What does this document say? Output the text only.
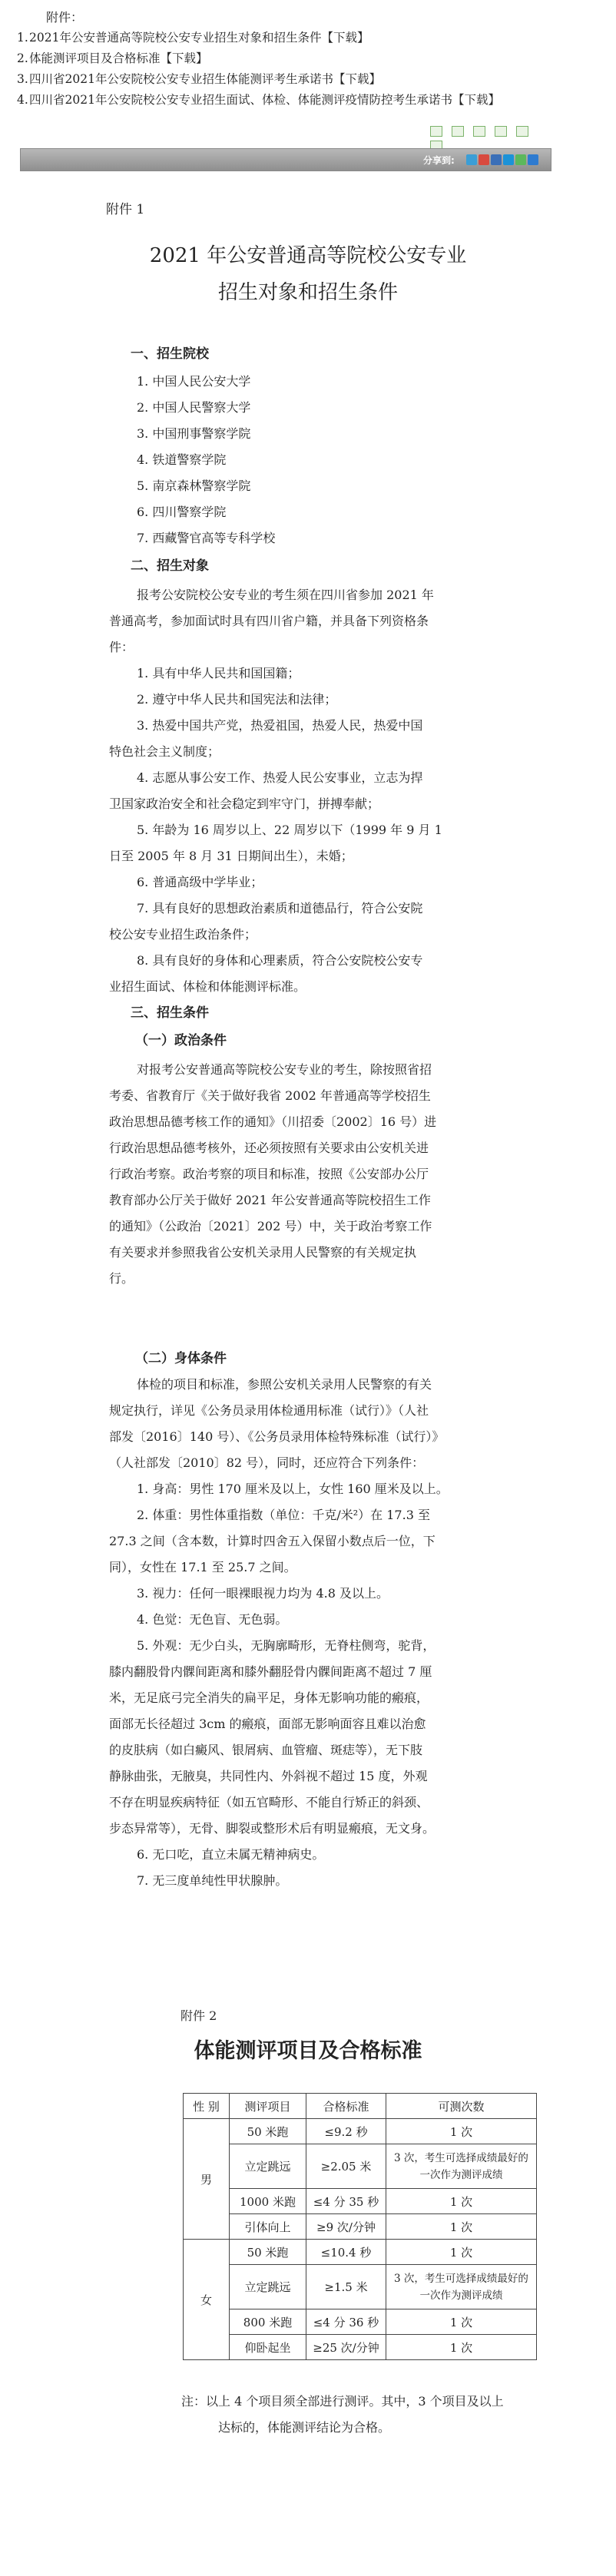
附件：
1.2021年公安普通高等院校公安专业招生对象和招生条件【下载】
2.体能测评项目及合格标准【下载】
3.四川省2021年公安院校公安专业招生体能测评考生承诺书【下载】
4.四川省2021年公安院校公安专业招生面试、体检、体能测评疫情防控考生承诺书【下载】
分享到:
附件 1
2021 年公安普通高等院校公安专业
招生对象和招生条件
一、招生院校
1. 中国人民公安大学
2. 中国人民警察大学
3. 中国刑事警察学院
4. 铁道警察学院
5. 南京森林警察学院
6. 四川警察学院
7. 西藏警官高等专科学校
二、招生对象
报考公安院校公安专业的考生须在四川省参加 2021 年
普通高考，参加面试时具有四川省户籍，并具备下列资格条
件：
1. 具有中华人民共和国国籍；
2. 遵守中华人民共和国宪法和法律；
3. 热爱中国共产党，热爱祖国，热爱人民，热爱中国
特色社会主义制度；
4. 志愿从事公安工作、热爱人民公安事业，立志为捍
卫国家政治安全和社会稳定到牢守门，拼搏奉献；
5. 年龄为 16 周岁以上、22 周岁以下（1999 年 9 月 1
日至 2005 年 8 月 31 日期间出生），未婚；
6. 普通高级中学毕业；
7. 具有良好的思想政治素质和道德品行，符合公安院
校公安专业招生政治条件；
8. 具有良好的身体和心理素质，符合公安院校公安专
业招生面试、体检和体能测评标准。
三、招生条件
（一）政治条件
对报考公安普通高等院校公安专业的考生，除按照省招
考委、省教育厅《关于做好我省 2002 年普通高等学校招生
政治思想品德考核工作的通知》（川招委〔2002〕16 号）进
行政治思想品德考核外，还必须按照有关要求由公安机关进
行政治考察。政治考察的项目和标准，按照《公安部办公厅
教育部办公厅关于做好 2021 年公安普通高等院校招生工作
的通知》（公政治〔2021〕202 号）中，关于政治考察工作
有关要求并参照我省公安机关录用人民警察的有关规定执
行。
（二）身体条件
体检的项目和标准，参照公安机关录用人民警察的有关
规定执行，详见《公务员录用体检通用标准（试行）》（人社
部发〔2016〕140 号）、《公务员录用体检特殊标准（试行）》
（人社部发〔2010〕82 号），同时，还应符合下列条件：
1. 身高：男性 170 厘米及以上，女性 160 厘米及以上。
2. 体重：男性体重指数（单位：千克/米²）在 17.3 至
27.3 之间（含本数，计算时四舍五入保留小数点后一位，下
同），女性在 17.1 至 25.7 之间。
3. 视力：任何一眼裸眼视力均为 4.8 及以上。
4. 色觉：无色盲、无色弱。
5. 外观：无少白头，无胸廓畸形，无脊柱侧弯，驼背，
膝内翻股骨内髁间距离和膝外翻胫骨内髁间距离不超过 7 厘
米，无足底弓完全消失的扁平足，身体无影响功能的瘢痕，
面部无长径超过 3cm 的瘢痕，面部无影响面容且难以治愈
的皮肤病（如白癜风、银屑病、血管瘤、斑痣等），无下肢
静脉曲张，无腋臭，共同性内、外斜视不超过 15 度，外观
不存在明显疾病特征（如五官畸形、不能自行矫正的斜颈、
步态异常等），无骨、脚裂或整形术后有明显瘢痕，无文身。
6. 无口吃，直立未属无精神病史。
7. 无三度单纯性甲状腺肿。
附件 2
体能测评项目及合格标准
性 别	测评项目	合格标准	可测次数
男	50 米跑	≤9.2 秒	1 次
	立定跳远	≥2.05 米	3 次，考生可选择成绩最好的一次作为测评成绩
	1000 米跑	≤4 分 35 秒	1 次
	引体向上	≥9 次/分钟	1 次
女	50 米跑	≤10.4 秒	1 次
	立定跳远	≥1.5 米	3 次，考生可选择成绩最好的一次作为测评成绩
	800 米跑	≤4 分 36 秒	1 次
	仰卧起坐	≥25 次/分钟	1 次
注：以上 4 个项目须全部进行测评。其中，3 个项目及以上
达标的，体能测评结论为合格。
